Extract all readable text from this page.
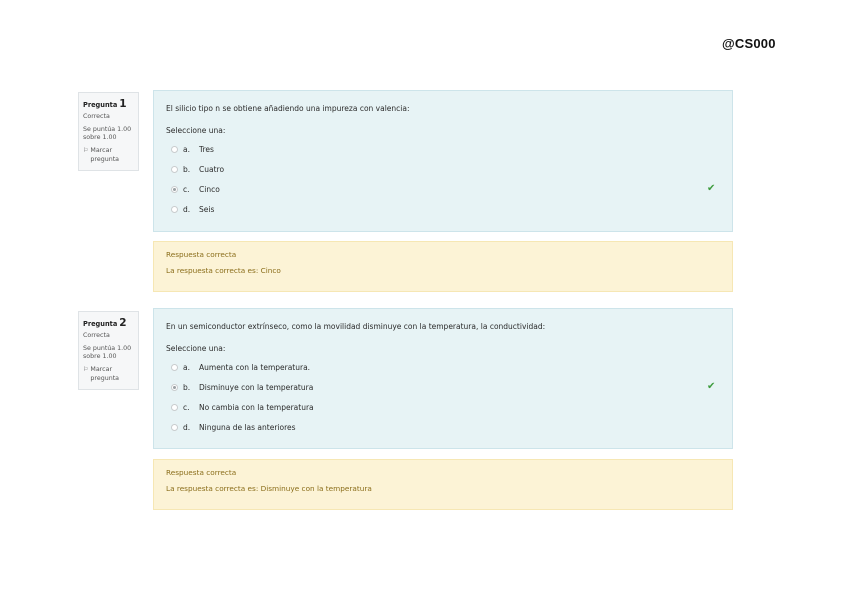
@CS000
Pregunta 1
Correcta
Se puntúa 1.00 sobre 1.00
⚐ Marcar pregunta
El silicio tipo n se obtiene añadiendo una impureza con valencia:
Seleccione una:
a.	Tres
b.	Cuatro
c.	Cinco	✔
d.	Seis
Respuesta correcta
La respuesta correcta es: Cinco
Pregunta 2
Correcta
Se puntúa 1.00 sobre 1.00
⚐ Marcar pregunta
En un semiconductor extrínseco, como la movilidad disminuye con la temperatura, la conductividad:
Seleccione una:
a.	Aumenta con la temperatura.
b.	Disminuye con la temperatura	✔
c.	No cambia con la temperatura
d.	Ninguna de las anteriores
Respuesta correcta
La respuesta correcta es: Disminuye con la temperatura
